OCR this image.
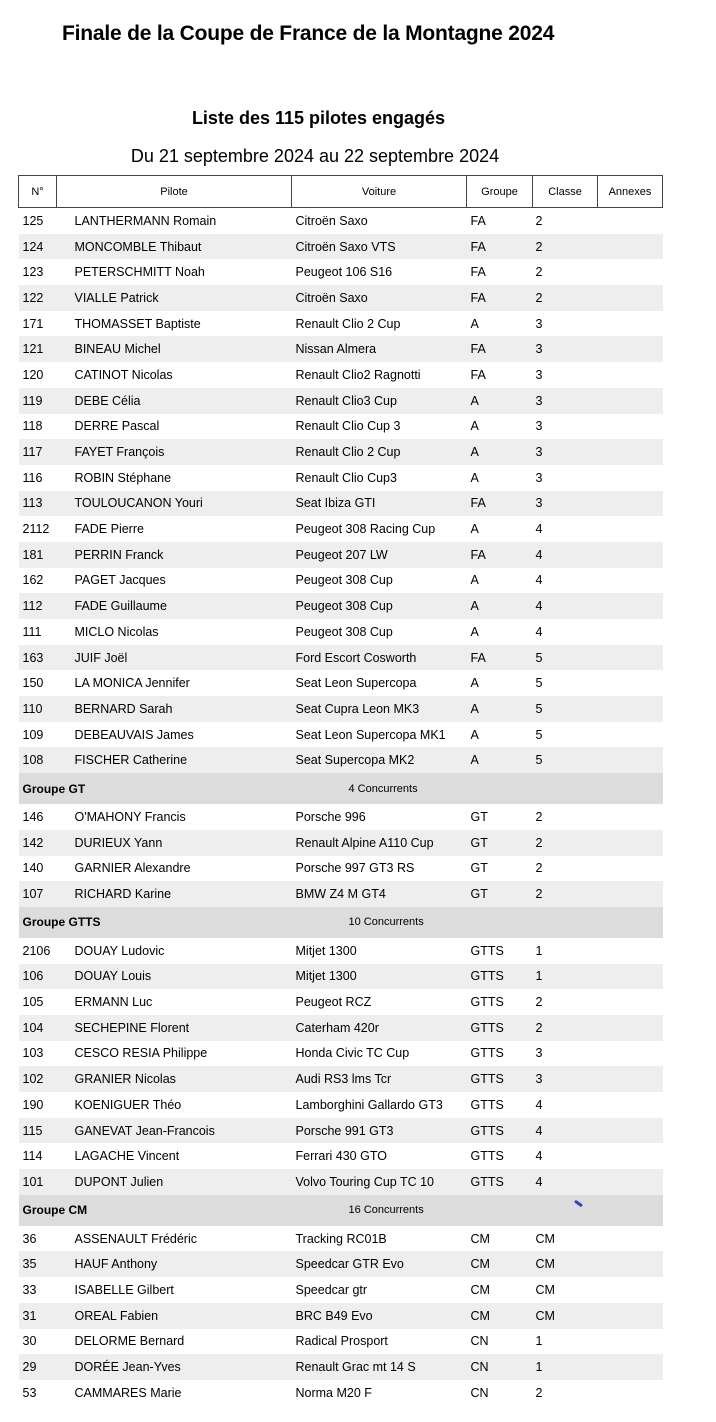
Finale de la Coupe de France de la Montagne 2024
Liste des 115 pilotes engagés
Du 21 septembre 2024 au 22 septembre 2024
N°	Pilote	Voiture	Groupe	Classe	Annexes
125	LANTHERMANN Romain	Citroën Saxo	FA	2	
124	MONCOMBLE Thibaut	Citroën Saxo VTS	FA	2	
123	PETERSCHMITT Noah	Peugeot 106 S16	FA	2	
122	VIALLE Patrick	Citroën Saxo	FA	2	
171	THOMASSET Baptiste	Renault Clio 2 Cup	A	3	
121	BINEAU Michel	Nissan Almera	FA	3	
120	CATINOT Nicolas	Renault Clio2 Ragnotti	FA	3	
119	DEBE Célia	Renault Clio3 Cup	A	3	
118	DERRE Pascal	Renault Clio Cup 3	A	3	
117	FAYET François	Renault Clio 2 Cup	A	3	
116	ROBIN Stéphane	Renault Clio Cup3	A	3	
113	TOULOUCANON Youri	Seat Ibiza GTI	FA	3	
2112	FADE Pierre	Peugeot 308 Racing Cup	A	4	
181	PERRIN Franck	Peugeot 207 LW	FA	4	
162	PAGET Jacques	Peugeot 308 Cup	A	4	
112	FADE Guillaume	Peugeot 308 Cup	A	4	
111	MICLO Nicolas	Peugeot 308 Cup	A	4	
163	JUIF Joël	Ford Escort Cosworth	FA	5	
150	LA MONICA Jennifer	Seat Leon Supercopa	A	5	
110	BERNARD Sarah	Seat Cupra Leon MK3	A	5	
109	DEBEAUVAIS James	Seat Leon Supercopa MK1	A	5	
108	FISCHER Catherine	Seat Supercopa MK2	A	5	

Groupe GT 4 Concurrents					

146	O'MAHONY Francis	Porsche 996	GT	2	
142	DURIEUX Yann	Renault Alpine A110 Cup	GT	2	
140	GARNIER Alexandre	Porsche 997 GT3 RS	GT	2	
107	RICHARD Karine	BMW Z4 M GT4	GT	2	

Groupe GTTS 10 Concurrents					

2106	DOUAY Ludovic	Mitjet 1300	GTTS	1	
106	DOUAY Louis	Mitjet 1300	GTTS	1	
105	ERMANN Luc	Peugeot RCZ	GTTS	2	
104	SECHEPINE Florent	Caterham 420r	GTTS	2	
103	CESCO RESIA Philippe	Honda Civic TC Cup	GTTS	3	
102	GRANIER Nicolas	Audi RS3 lms Tcr	GTTS	3	
190	KOENIGUER Théo	Lamborghini Gallardo GT3	GTTS	4	
115	GANEVAT Jean-Francois	Porsche 991 GT3	GTTS	4	
114	LAGACHE Vincent	Ferrari 430 GTO	GTTS	4	
101	DUPONT Julien	Volvo Touring Cup TC 10	GTTS	4	

Groupe CM 16 Concurrents					

36	ASSENAULT Frédéric	Tracking RC01B	CM	CM	
35	HAUF Anthony	Speedcar GTR Evo	CM	CM	
33	ISABELLE Gilbert	Speedcar gtr	CM	CM	
31	OREAL Fabien	BRC B49 Evo	CM	CM	
30	DELORME Bernard	Radical Prosport	CN	1	
29	DORÉE Jean-Yves	Renault Grac mt 14 S	CN	1	
53	CAMMARES Marie	Norma M20 F	CN	2	
